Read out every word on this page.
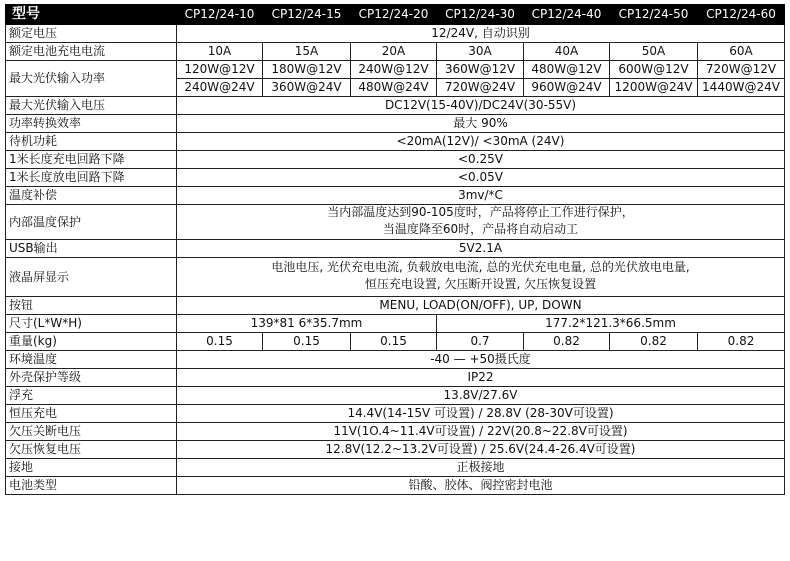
型号	CP12/24-10	CP12/24-15	CP12/24-20	CP12/24-30	CP12/24-40	CP12/24-50	CP12/24-60
额定电压	12/24V, 自动识别						
额定电池充电电流	10A	15A	20A	30A	40A	50A	60A
最大光伏输入功率	120W@12V	180W@12V	240W@12V	360W@12V	480W@12V	600W@12V	720W@12V
	240W@24V	360W@24V	480W@24V	720W@24V	960W@24V	1200W@24V	1440W@24V
最大光伏输入电压	DC12V(15-40V)/DC24V(30-55V)						
功率转换效率	最大 90%						
待机功耗	<20mA(12V)/ <30mA (24V)						
1米长度充电回路下降	<0.25V						
1米长度放电回路下降	<0.05V						
温度补偿	3mv/*C						
内部温度保护	当内部温度达到90-105度时，产品将停止工作进行保护，
当温度降至60时，产品将自动启动工						

USB输出	5V2.1A						
液晶屏显示	电池电压, 光伏充电电流, 负载放电电流, 总的光伏充电电量, 总的光伏放电电量,
恒压充电设置, 欠压断开设置, 欠压恢复设置						

按钮	MENU, LOAD(ON/OFF), UP, DOWN						
尺寸(L*W*H)	139*81 6*35.7mm			177.2*121.3*66.5mm			
重量(kg)	0.15	0.15	0.15	0.7	0.82	0.82	0.82
环境温度	-40 — +50摄氏度						
外壳保护等级	IP22						
浮充	13.8V/27.6V						
恒压充电	14.4V(14-15V 可设置) / 28.8V (28-30V可设置)						
欠压关断电压	11V(1O.4~11.4V可设置) / 22V(20.8~22.8V可设置)						
欠压恢复电压	12.8V(12.2~13.2V可设置) / 25.6V(24.4-26.4V可设置)						
接地	正极接地						
电池类型	铅酸、胶体、阀控密封电池						
